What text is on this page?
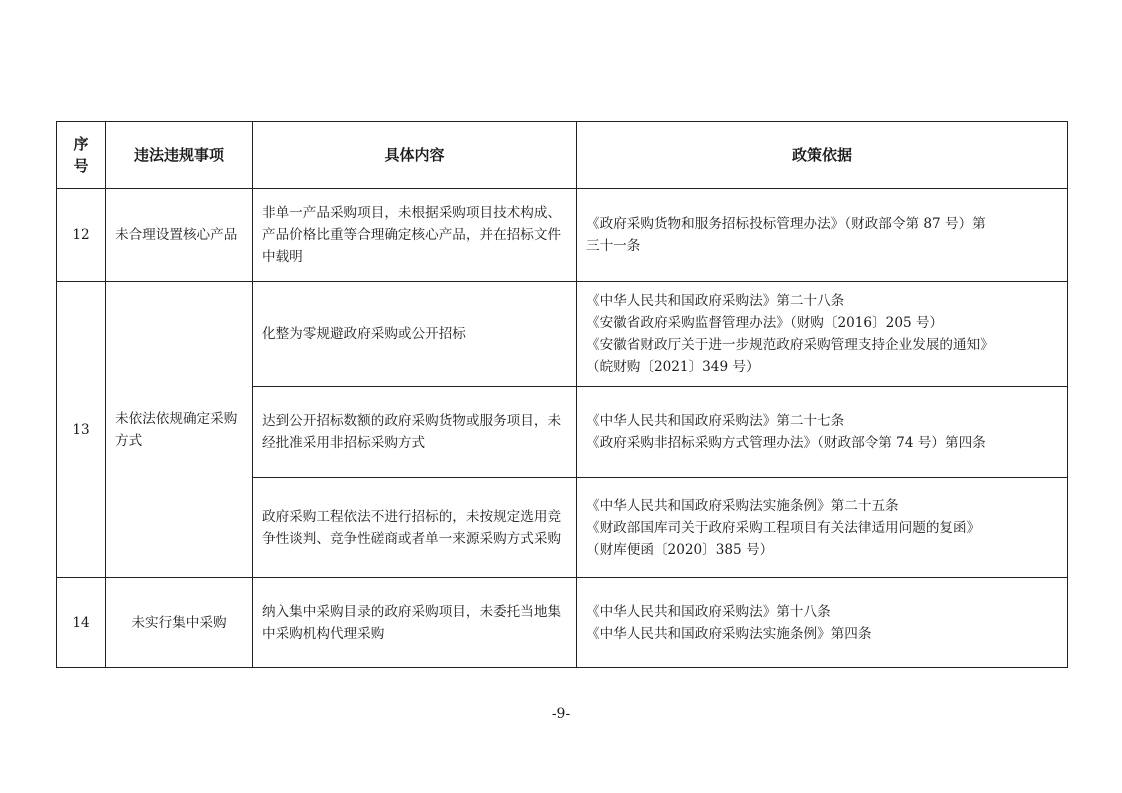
序号	违法违规事项	具体内容	政策依据
12	未合理设置核心产品	非单一产品采购项目，未根据采购项目技术构成、产品价格比重等合理确定核心产品，并在招标文件中载明	《政府采购货物和服务招标投标管理办法》（财政部令第 87 号）第
三十一条

13	未依法依规确定采购方式	化整为零规避政府采购或公开招标	《中华人民共和国政府采购法》第二十八条
《安徽省政府采购监督管理办法》（财购〔2016〕205 号）
《安徽省财政厅关于进一步规范政府采购管理支持企业发展的通知》
（皖财购〔2021〕349 号）

		达到公开招标数额的政府采购货物或服务项目，未经批准采用非招标采购方式	《中华人民共和国政府采购法》第二十七条
《政府采购非招标采购方式管理办法》（财政部令第 74 号）第四条

		政府采购工程依法不进行招标的，未按规定选用竞争性谈判、竞争性磋商或者单一来源采购方式采购	《中华人民共和国政府采购法实施条例》第二十五条
《财政部国库司关于政府采购工程项目有关法律适用问题的复函》
（财库便函〔2020〕385 号）

14	未实行集中采购	纳入集中采购目录的政府采购项目，未委托当地集中采购机构代理采购	《中华人民共和国政府采购法》第十八条
《中华人民共和国政府采购法实施条例》第四条
-9-
